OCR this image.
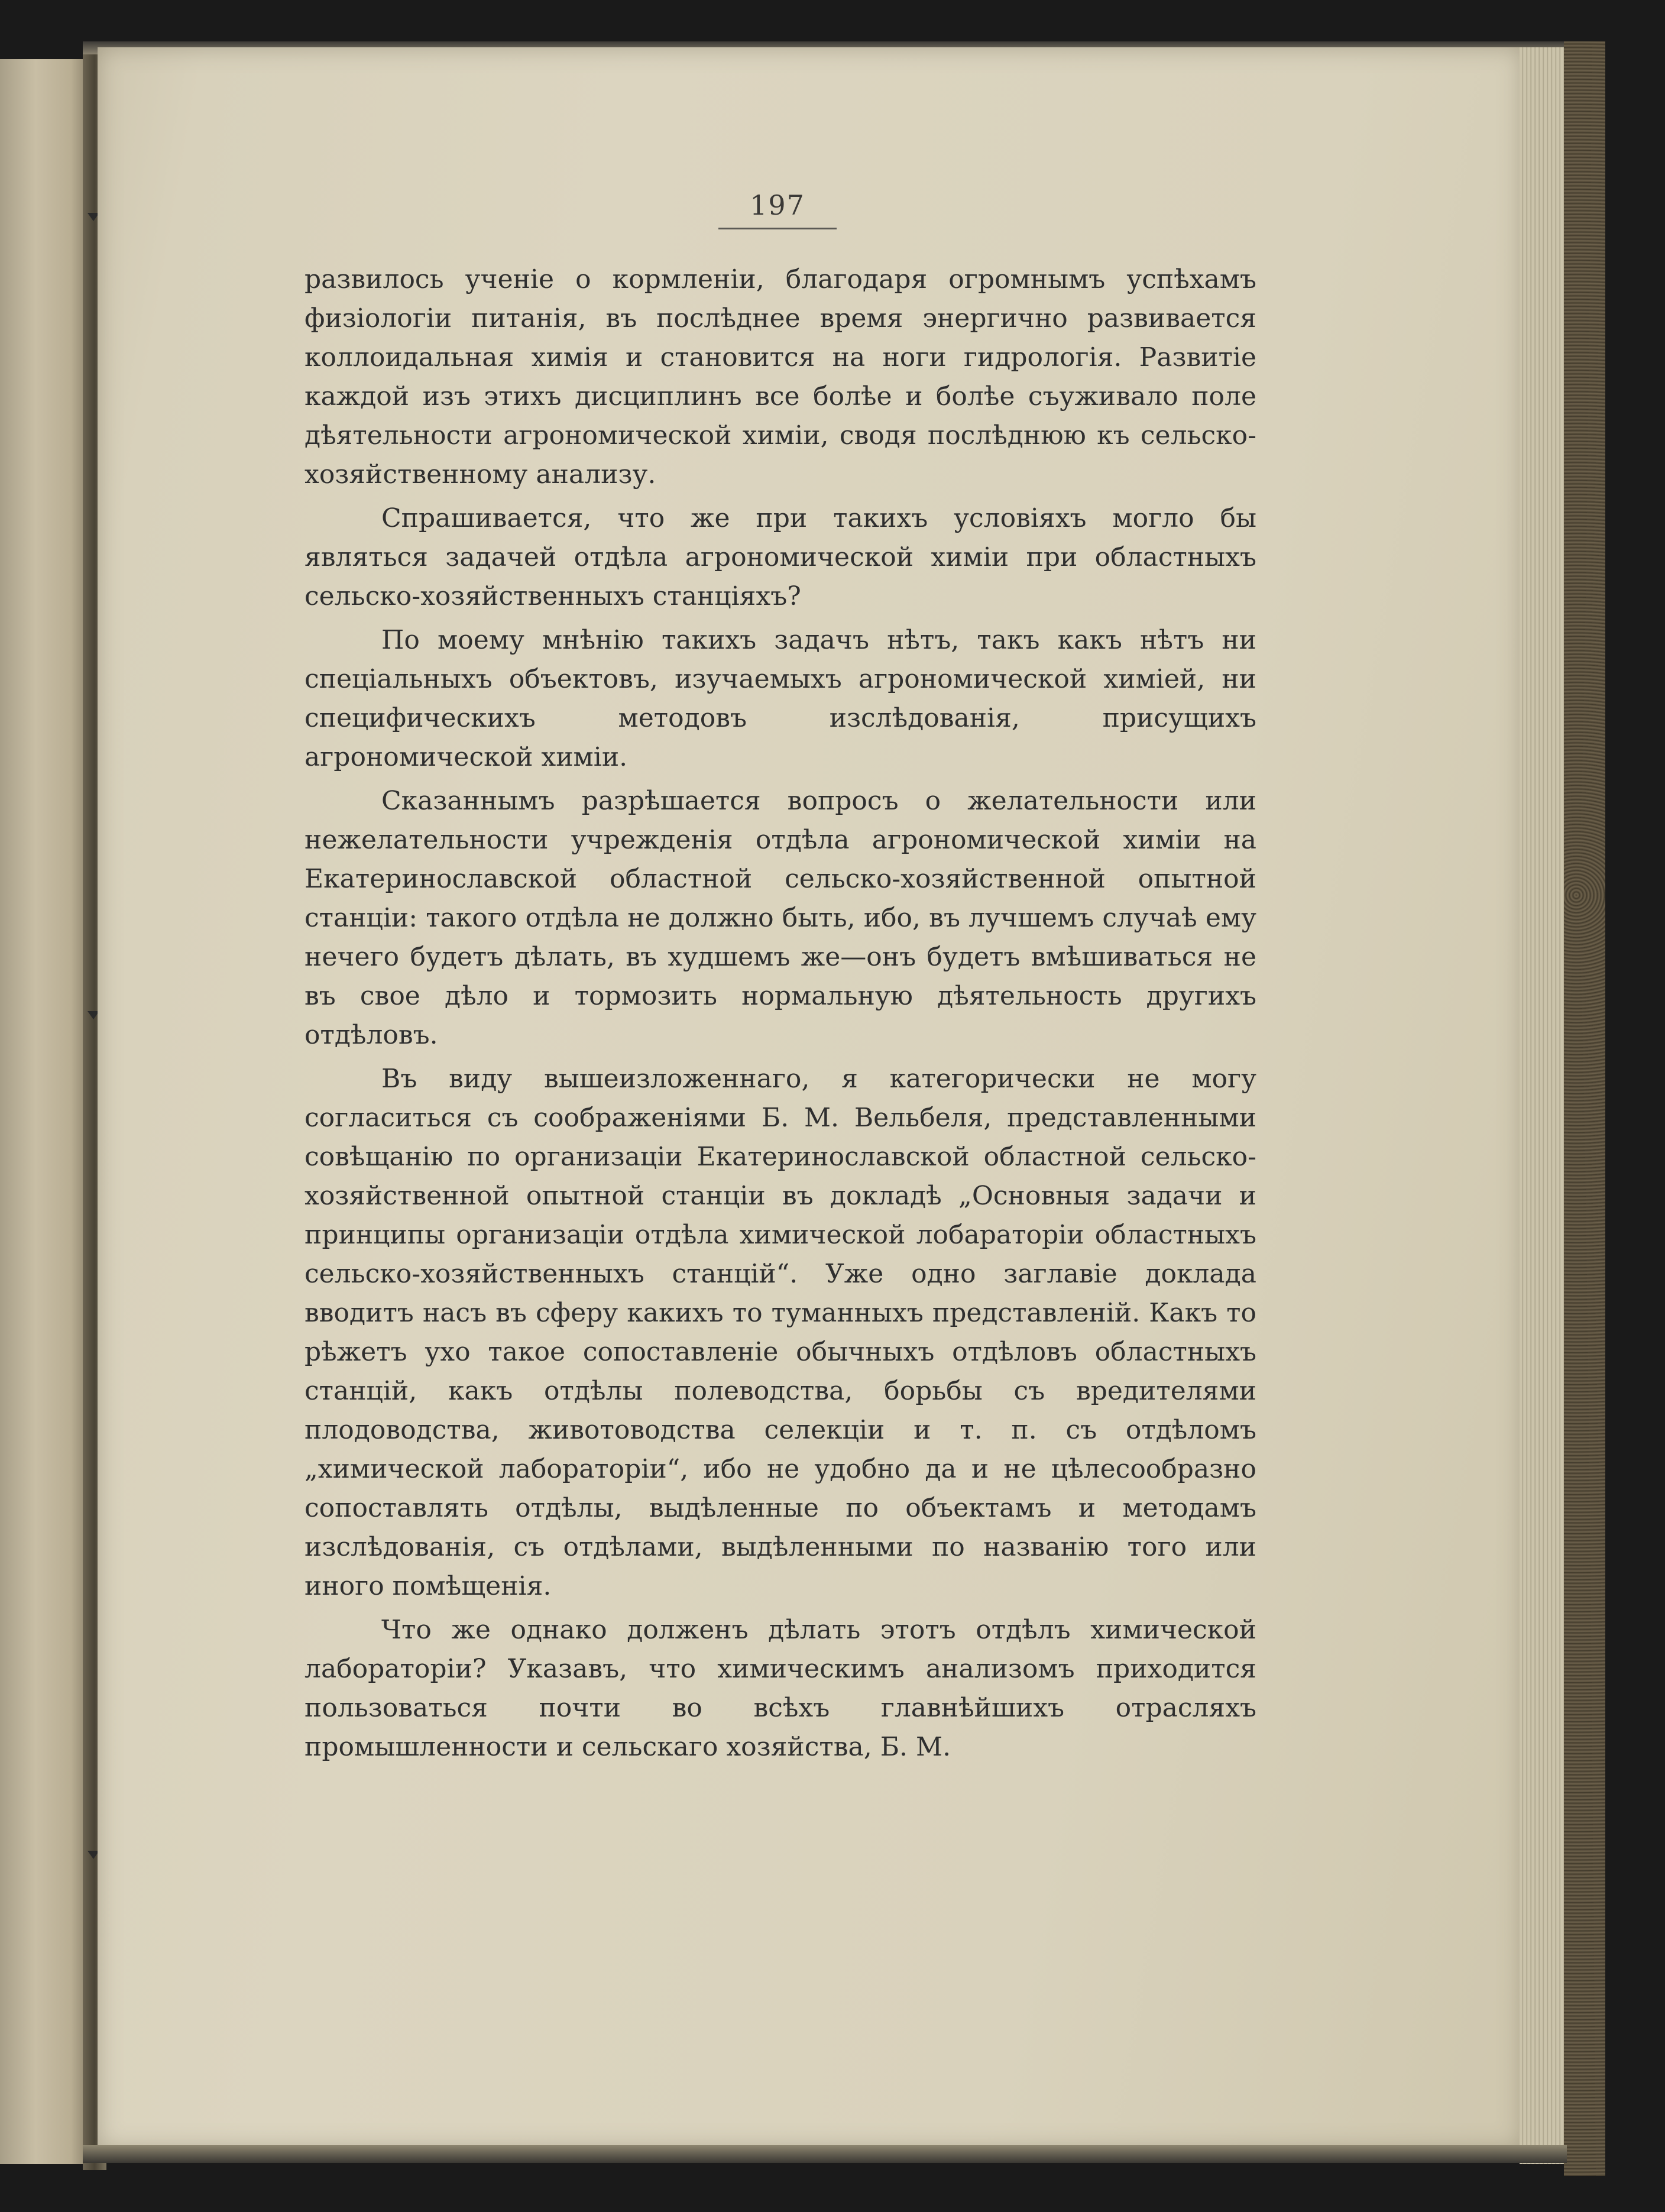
197

развилось ученіе о кормленіи, благодаря огромнымъ успѣхамъ физіологіи питанія, въ послѣднее время энергично развивается коллоидальная химія и становится на ноги гидрологія. Развитіе каждой изъ этихъ дисциплинъ все болѣе и болѣе съуживало поле дѣятельности агрономической химіи, сводя послѣднюю къ сельско-хозяйственному анализу.

Спрашивается, что же при такихъ условіяхъ могло бы являться задачей отдѣла агрономической химіи при областныхъ сельско-хозяйственныхъ станціяхъ?

По моему мнѣнію такихъ задачъ нѣтъ, такъ какъ нѣтъ ни спеціальныхъ объектовъ, изучаемыхъ агрономической химіей, ни специфическихъ методовъ изслѣдованія, присущихъ агрономической химіи.

Сказаннымъ разрѣшается вопросъ о желательности или нежелательности учрежденія отдѣла агрономической химіи на Екатеринославской областной сельско-хозяйственной опытной станціи: такого отдѣла не должно быть, ибо, въ лучшемъ случаѣ ему нечего будетъ дѣлать, въ худшемъ же—онъ будетъ вмѣшиваться не въ свое дѣло и тормозить нормальную дѣятельность другихъ отдѣловъ.

Въ виду вышеизложеннаго, я категорически не могу согласиться съ соображеніями Б. М. Вельбеля, представленными совѣщанію по организаціи Екатеринославской областной сельско-хозяйственной опытной станціи въ докладѣ „Основныя задачи и принципы организаціи отдѣла химической лобараторіи областныхъ сельско-хозяйственныхъ станцій“. Уже одно заглавіе доклада вводитъ насъ въ сферу какихъ то туманныхъ представленій. Какъ то рѣжетъ ухо такое сопоставленіе обычныхъ отдѣловъ областныхъ станцій, какъ отдѣлы полеводства, борьбы съ вредителями плодоводства, животоводства селекціи и т. п. съ отдѣломъ „химической лабораторіи“, ибо не удобно да и не цѣлесообразно сопоставлять отдѣлы, выдѣленные по объектамъ и методамъ изслѣдованія, съ отдѣлами, выдѣленными по названію того или иного помѣщенія.

Что же однако долженъ дѣлать этотъ отдѣлъ химической лабораторіи? Указавъ, что химическимъ анализомъ приходится пользоваться почти во всѣхъ главнѣйшихъ отрасляхъ промышленности и сельскаго хозяйства, Б. М.
